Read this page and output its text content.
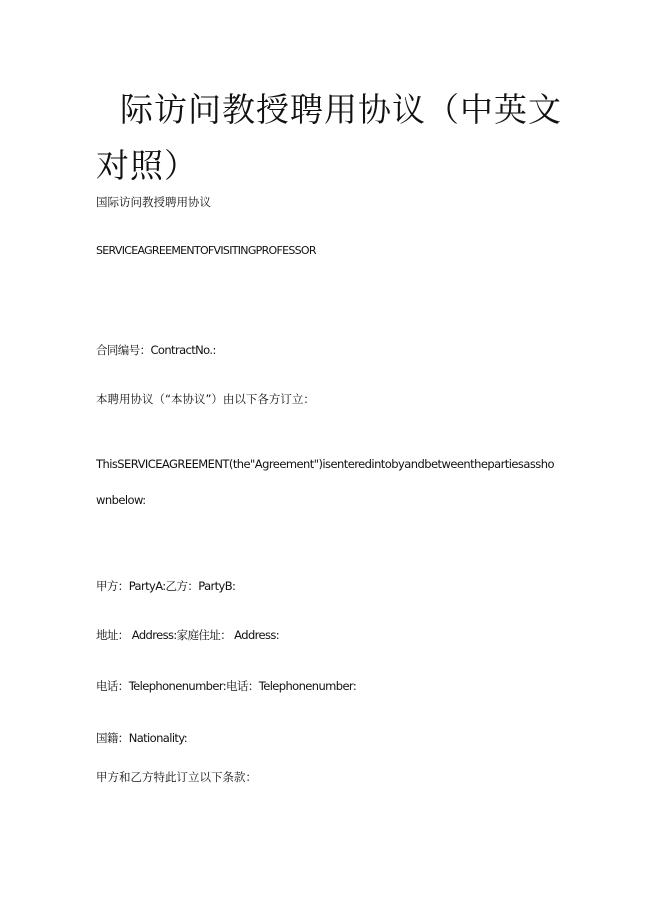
际访问教授聘用协议（中英文对照）

国际访问教授聘用协议

SERVICEAGREEMENTOFVISITINGPROFESSOR

合同编号：ContractNo.:

本聘用协议（“本协议”）由以下各方订立：

ThisSERVICEAGREEMENT(the"Agreement")isenteredintobyandbetweenthepartiesasshownbelow:

甲方：PartyA:乙方：PartyB:

地址： Address:家庭住址： Address:

电话：Telephonenumber:电话：Telephonenumber:

国籍：Nationality:

甲方和乙方特此订立以下条款：
